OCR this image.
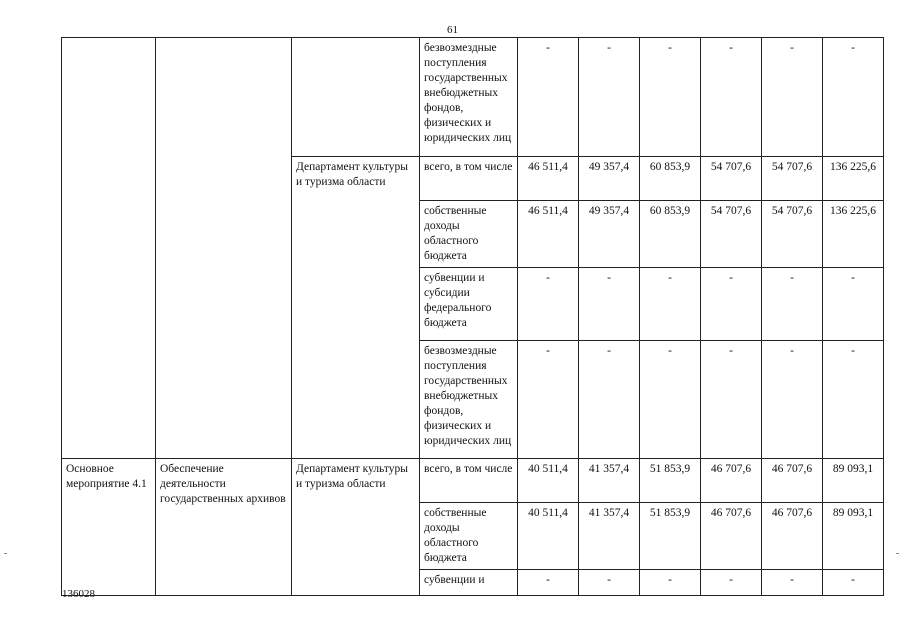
61
			безвозмездные поступления государственных внебюджетных фондов, физических и юридических лиц	-	-	-	-	-	-
		Департамент культуры и туризма области	всего, в том числе	46 511,4	49 357,4	60 853,9	54 707,6	54 707,6	136 225,6
			собственные доходы областного бюджета	46 511,4	49 357,4	60 853,9	54 707,6	54 707,6	136 225,6
			субвенции и субсидии федерального бюджета	-	-	-	-	-	-
			безвозмездные поступления государственных внебюджетных фондов, физических и юридических лиц	-	-	-	-	-	-
Основное мероприятие 4.1	Обеспечение деятельности государственных архивов	Департамент культуры и туризма области	всего, в том числе	40 511,4	41 357,4	51 853,9	46 707,6	46 707,6	89 093,1
			собственные доходы областного бюджета	40 511,4	41 357,4	51 853,9	46 707,6	46 707,6	89 093,1
			субвенции и	-	-	-	-	-	-
-	-
136028
